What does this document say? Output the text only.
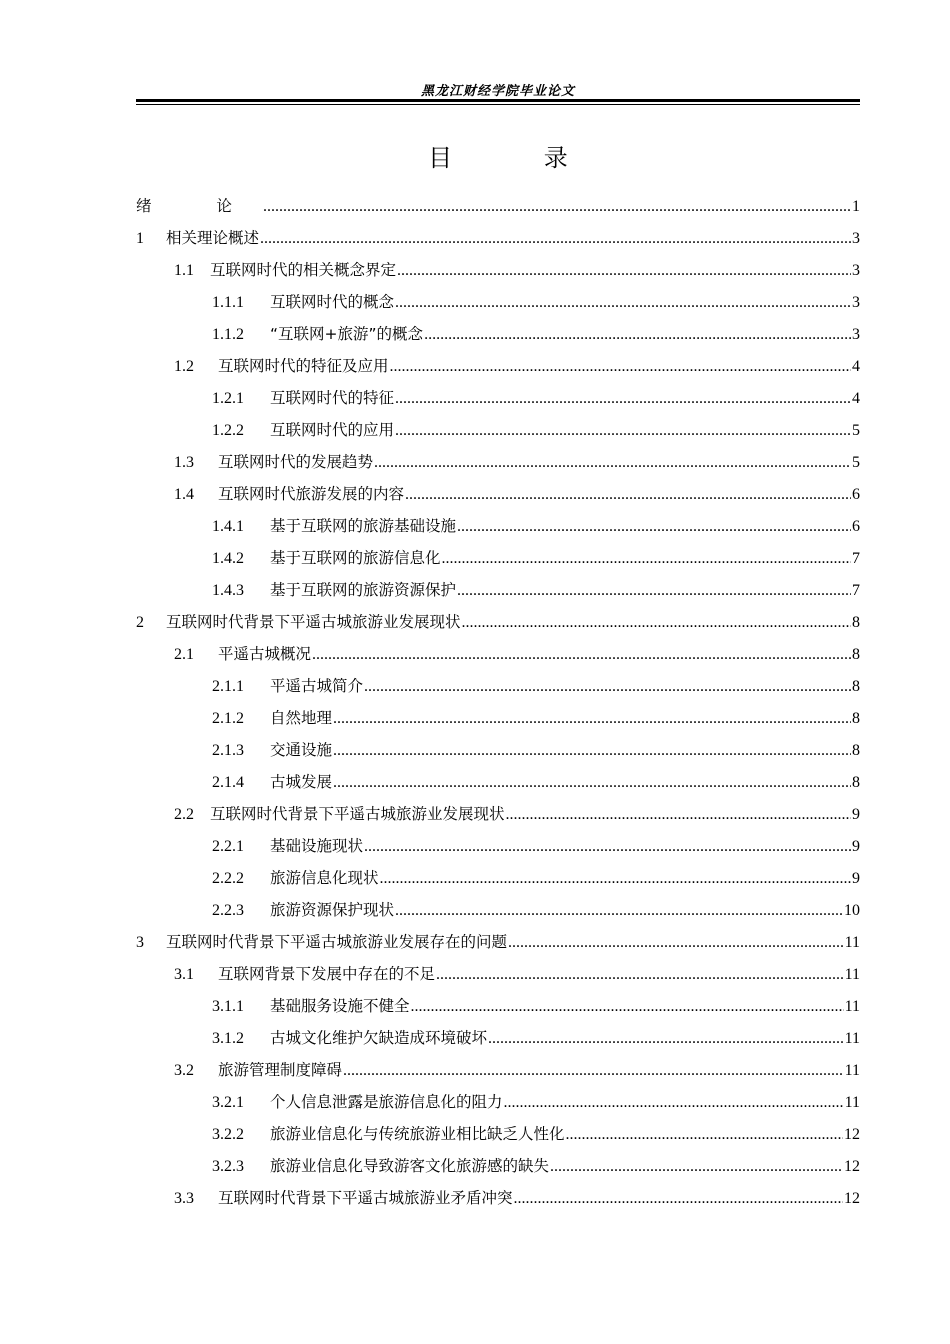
黑龙江财经学院毕业论文
目 录
绪 论 .....	1
1	相关理论概述 .....	3
1.1	互联网时代的相关概念界定 .....	3
1.1.1	互联网时代的概念 .....	3
1.1.2	“互联网+旅游”的概念 .....	3
1.2	互联网时代的特征及应用 .....	4
1.2.1	互联网时代的特征 .....	4
1.2.2	互联网时代的应用 .....	5
1.3	互联网时代的发展趋势 .....	5
1.4	互联网时代旅游发展的内容 .....	6
1.4.1	基于互联网的旅游基础设施 .....	6
1.4.2	基于互联网的旅游信息化 .....	7
1.4.3	基于互联网的旅游资源保护 .....	7
2	互联网时代背景下平遥古城旅游业发展现状 .....	8
2.1	平遥古城概况 .....	8
2.1.1	平遥古城简介 .....	8
2.1.2	自然地理 .....	8
2.1.3	交通设施 .....	8
2.1.4	古城发展 .....	8
2.2	互联网时代背景下平遥古城旅游业发展现状 .....	9
2.2.1	基础设施现状 .....	9
2.2.2	旅游信息化现状 .....	9
2.2.3	旅游资源保护现状 .....	10
3	互联网时代背景下平遥古城旅游业发展存在的问题 .....	11
3.1	互联网背景下发展中存在的不足 .....	11
3.1.1	基础服务设施不健全 .....	11
3.1.2	古城文化维护欠缺造成环境破坏 .....	11
3.2	旅游管理制度障碍 .....	11
3.2.1	个人信息泄露是旅游信息化的阻力 .....	11
3.2.2	旅游业信息化与传统旅游业相比缺乏人性化 .....	12
3.2.3	旅游业信息化导致游客文化旅游感的缺失 .....	12
3.3	互联网时代背景下平遥古城旅游业矛盾冲突 .....	12
